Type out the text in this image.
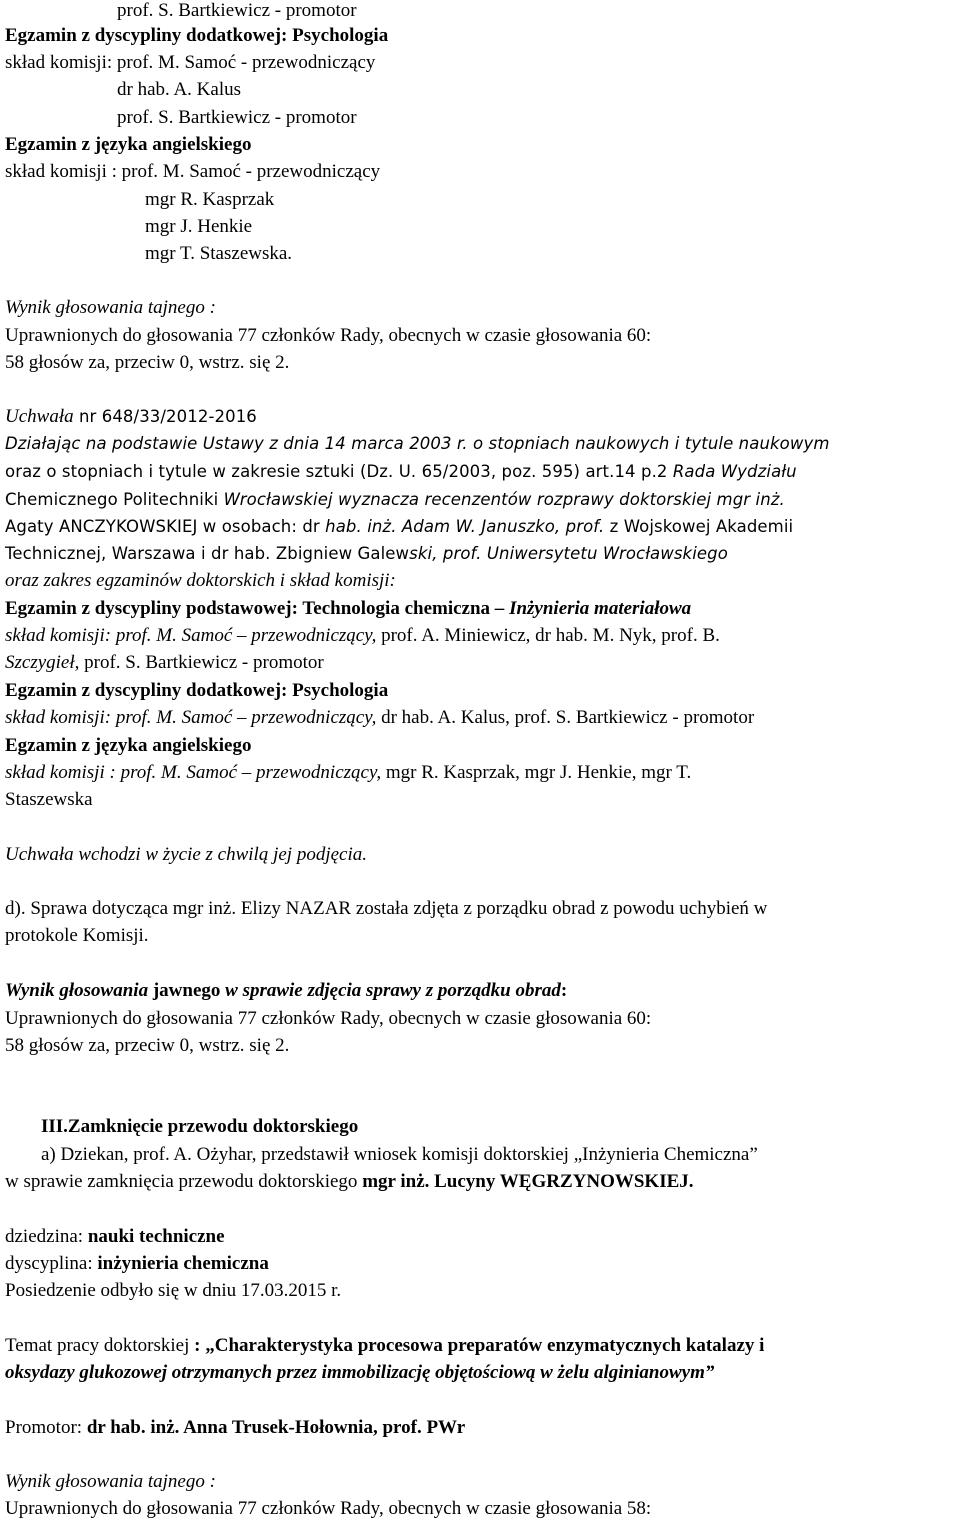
prof. S. Bartkiewicz - promotor
Egzamin z dyscypliny dodatkowej: Psychologia
skład komisji: prof. M. Samoć - przewodniczący
dr hab. A. Kalus
prof. S. Bartkiewicz - promotor
Egzamin z języka angielskiego
skład komisji : prof. M. Samoć - przewodniczący
mgr R. Kasprzak
mgr J. Henkie
mgr T. Staszewska.
Wynik głosowania tajnego :
Uprawnionych do głosowania 77 członków Rady, obecnych w czasie głosowania 60:
58 głosów za, przeciw 0, wstrz. się 2.
Uchwała nr 648/33/2012-2016
Działając na podstawie Ustawy z dnia 14 marca 2003 r. o stopniach naukowych i tytule naukowym
oraz o stopniach i tytule w zakresie sztuki (Dz. U. 65/2003, poz. 595) art.14 p.2 Rada Wydziału
Chemicznego Politechniki Wrocławskiej wyznacza recenzentów rozprawy doktorskiej mgr inż.
Agaty ANCZYKOWSKIEJ w osobach: dr hab. inż. Adam W. Januszko, prof. z Wojskowej Akademii
Technicznej, Warszawa i dr hab. Zbigniew Galewski, prof. Uniwersytetu Wrocławskiego
oraz zakres egzaminów doktorskich i skład komisji:
Egzamin z dyscypliny podstawowej: Technologia chemiczna – Inżynieria materiałowa
skład komisji: prof. M. Samoć – przewodniczący, prof. A. Miniewicz, dr hab. M. Nyk, prof. B.
Szczygieł, prof. S. Bartkiewicz - promotor
Egzamin z dyscypliny dodatkowej: Psychologia
skład komisji: prof. M. Samoć – przewodniczący, dr hab. A. Kalus, prof. S. Bartkiewicz - promotor
Egzamin z języka angielskiego
skład komisji : prof. M. Samoć – przewodniczący, mgr R. Kasprzak, mgr J. Henkie, mgr T.
Staszewska
Uchwała wchodzi w życie z chwilą jej podjęcia.
d). Sprawa dotycząca mgr inż. Elizy NAZAR została zdjęta z porządku obrad z powodu uchybień w
protokole Komisji.
Wynik głosowania jawnego w sprawie zdjęcia sprawy z porządku obrad:
Uprawnionych do głosowania 77 członków Rady, obecnych w czasie głosowania 60:
58 głosów za, przeciw 0, wstrz. się 2.
III.Zamknięcie przewodu doktorskiego
a) Dziekan, prof. A. Ożyhar, przedstawił wniosek komisji doktorskiej „Inżynieria Chemiczna”
w sprawie zamknięcia przewodu doktorskiego mgr inż. Lucyny WĘGRZYNOWSKIEJ.
dziedzina: nauki techniczne
dyscyplina: inżynieria chemiczna
Posiedzenie odbyło się w dniu 17.03.2015 r.
Temat pracy doktorskiej : „Charakterystyka procesowa preparatów enzymatycznych katalazy i
oksydazy glukozowej otrzymanych przez immobilizację objętościową w żelu alginianowym”
Promotor: dr hab. inż. Anna Trusek-Hołownia, prof. PWr
Wynik głosowania tajnego :
Uprawnionych do głosowania 77 członków Rady, obecnych w czasie głosowania 58:
